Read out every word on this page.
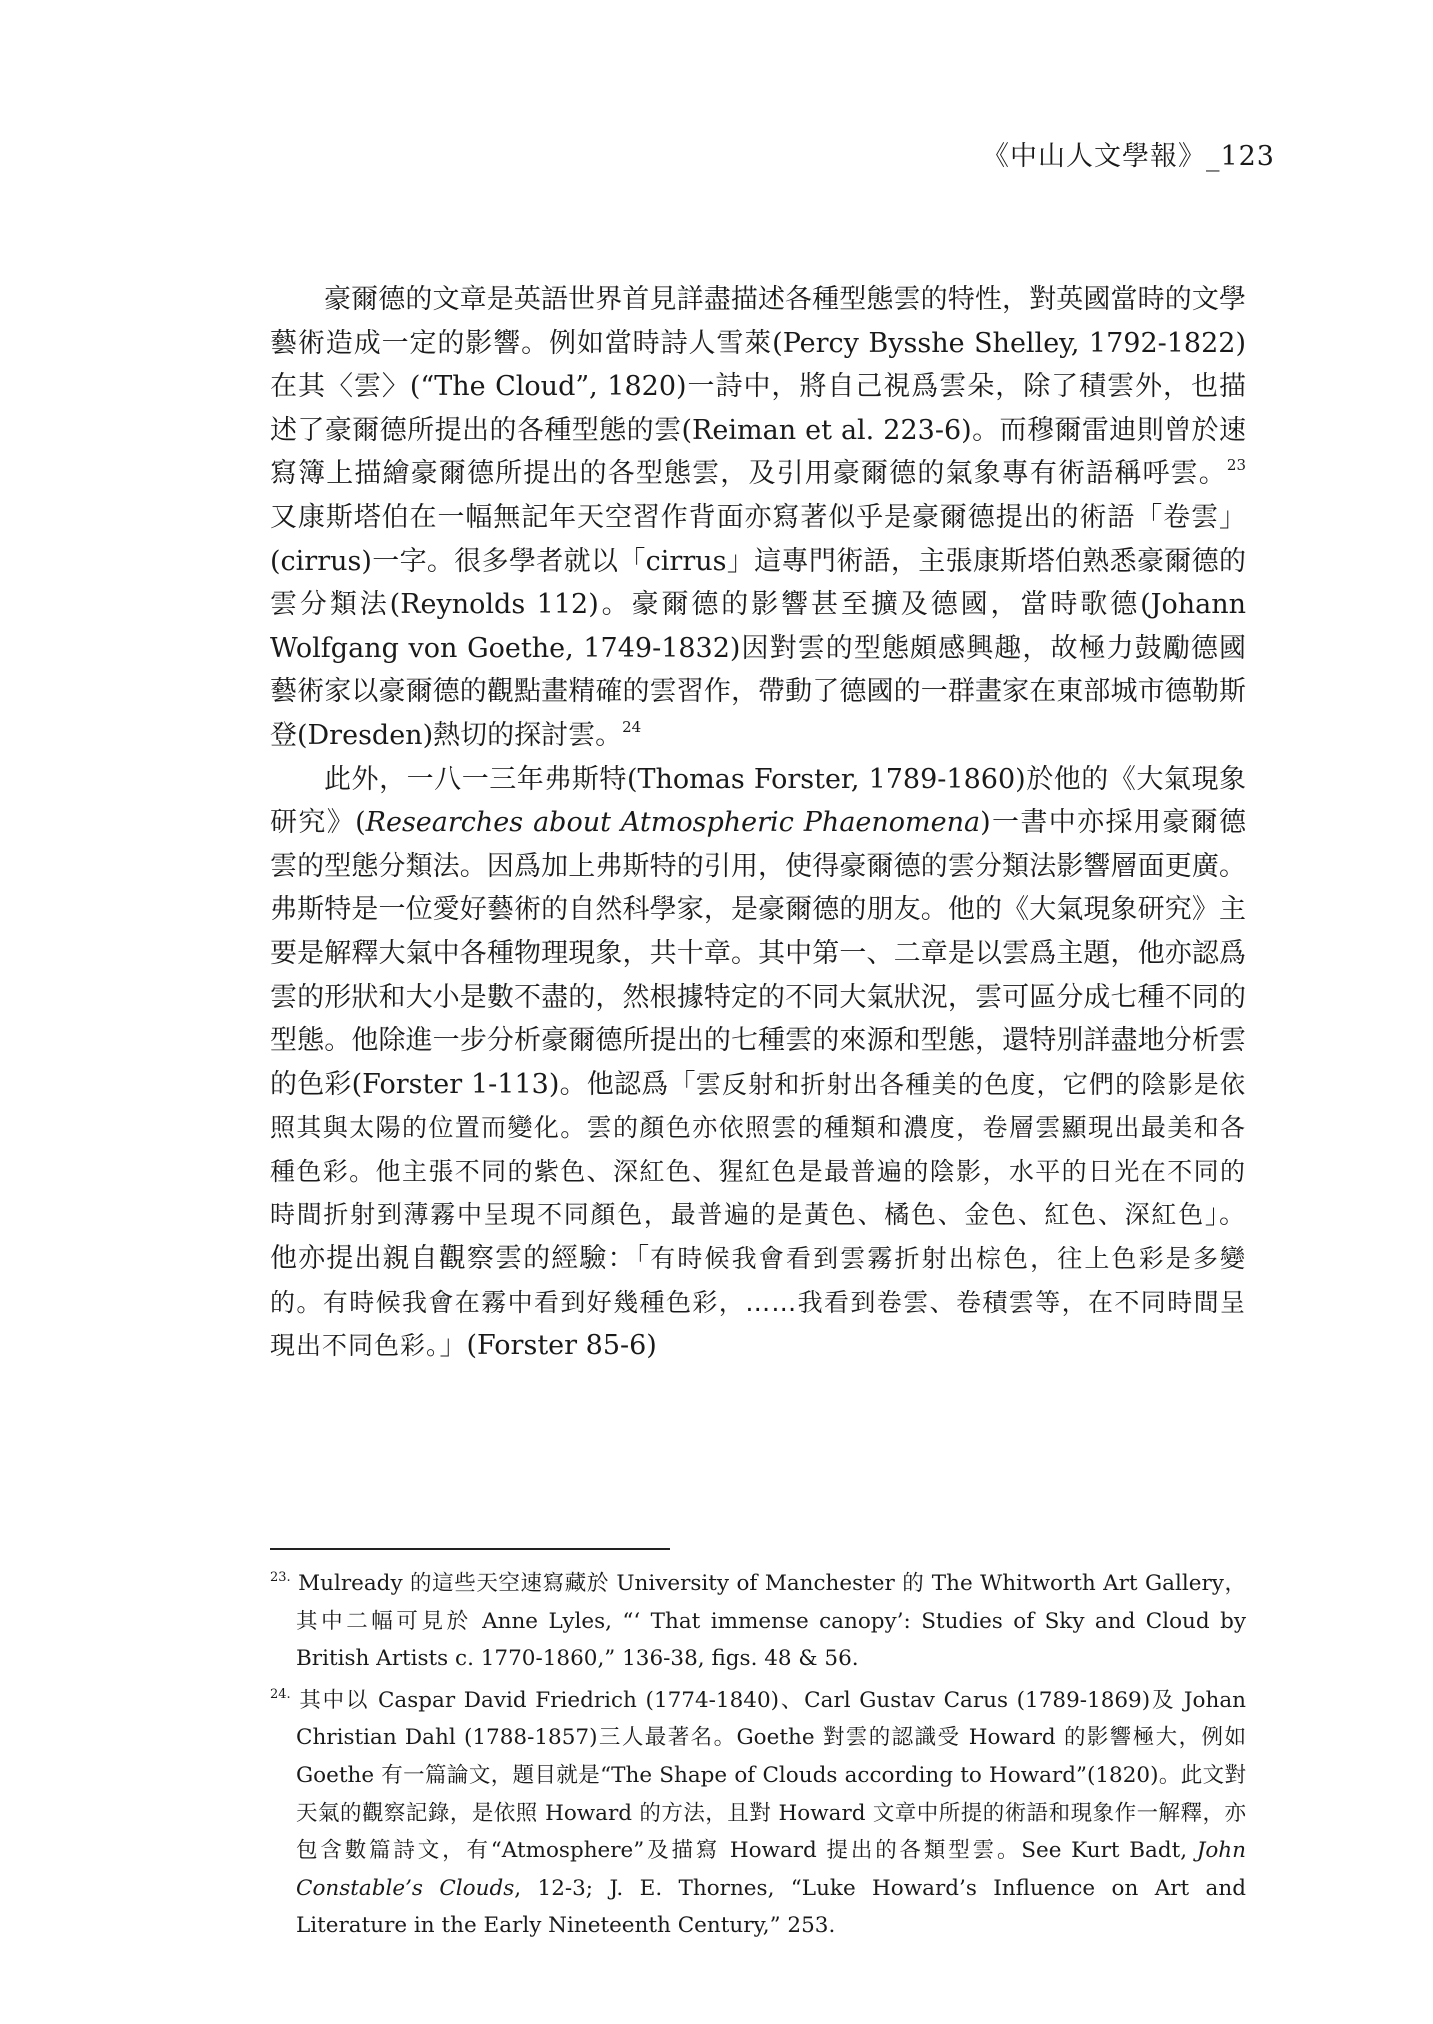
《中山人文學報》_123

豪爾德的文章是英語世界首見詳盡描述各種型態雲的特性，對英國當時的文學藝術造成一定的影響。例如當時詩人雪萊(Percy Bysshe Shelley, 1792-1822)在其〈雲〉(“The Cloud”, 1820)一詩中，將自己視爲雲朵，除了積雲外，也描述了豪爾德所提出的各種型態的雲(Reiman et al. 223-6)。而穆爾雷迪則曾於速寫簿上描繪豪爾德所提出的各型態雲，及引用豪爾德的氣象專有術語稱呼雲。$^{23}$　又康斯塔伯在一幅無記年天空習作背面亦寫著似乎是豪爾德提出的術語「卷雲」(cirrus)一字。很多學者就以「cirrus」這專門術語，主張康斯塔伯熟悉豪爾德的雲分類法(Reynolds 112)。豪爾德的影響甚至擴及德國，當時歌德(Johann Wolfgang von Goethe, 1749-1832)因對雲的型態頗感興趣，故極力鼓勵德國藝術家以豪爾德的觀點畫精確的雲習作，帶動了德國的一群畫家在東部城市德勒斯登(Dresden)熱切的探討雲。$^{24}$

此外，一八一三年弗斯特(Thomas Forster, 1789-1860)於他的《大氣現象研究》(Researches about Atmospheric Phaenomena)一書中亦採用豪爾德雲的型態分類法。因爲加上弗斯特的引用，使得豪爾德的雲分類法影響層面更廣。弗斯特是一位愛好藝術的自然科學家，是豪爾德的朋友。他的《大氣現象研究》主要是解釋大氣中各種物理現象，共十章。其中第一、二章是以雲爲主題，他亦認爲雲的形狀和大小是數不盡的，然根據特定的不同大氣狀況，雲可區分成七種不同的型態。他除進一步分析豪爾德所提出的七種雲的來源和型態，還特別詳盡地分析雲的色彩(Forster 1-113)。他認爲「雲反射和折射出各種美的色度，它們的陰影是依照其與太陽的位置而變化。雲的顏色亦依照雲的種類和濃度，卷層雲顯現出最美和各種色彩。他主張不同的紫色、深紅色、猩紅色是最普遍的陰影，水平的日光在不同的時間折射到薄霧中呈現不同顏色，最普遍的是黃色、橘色、金色、紅色、深紅色」。他亦提出親自觀察雲的經驗：「有時候我會看到雲霧折射出棕色，往上色彩是多變的。有時候我會在霧中看到好幾種色彩，……我看到卷雲、卷積雲等，在不同時間呈現出不同色彩。」(Forster 85-6)

$^{23.}$ Mulready 的這些天空速寫藏於 University of Manchester 的 The Whitworth Art Gallery，其中二幅可見於 Anne Lyles, “‘ That immense canopy’: Studies of Sky and Cloud by British Artists c. 1770-1860,” 136-38, figs. 48 & 56.

$^{24.}$ 其中以 Caspar David Friedrich (1774-1840)、Carl Gustav Carus (1789-1869)及 Johan Christian Dahl (1788-1857)三人最著名。Goethe 對雲的認識受 Howard 的影響極大，例如 Goethe 有一篇論文，題目就是“The Shape of Clouds according to Howard”(1820)。此文對天氣的觀察記錄，是依照 Howard 的方法，且對 Howard 文章中所提的術語和現象作一解釋，亦包含數篇詩文，有“Atmosphere”及描寫 Howard 提出的各類型雲。See Kurt Badt, John Constable’s Clouds, 12-3; J. E. Thornes, “Luke Howard’s Influence on Art and Literature in the Early Nineteenth Century,” 253.
